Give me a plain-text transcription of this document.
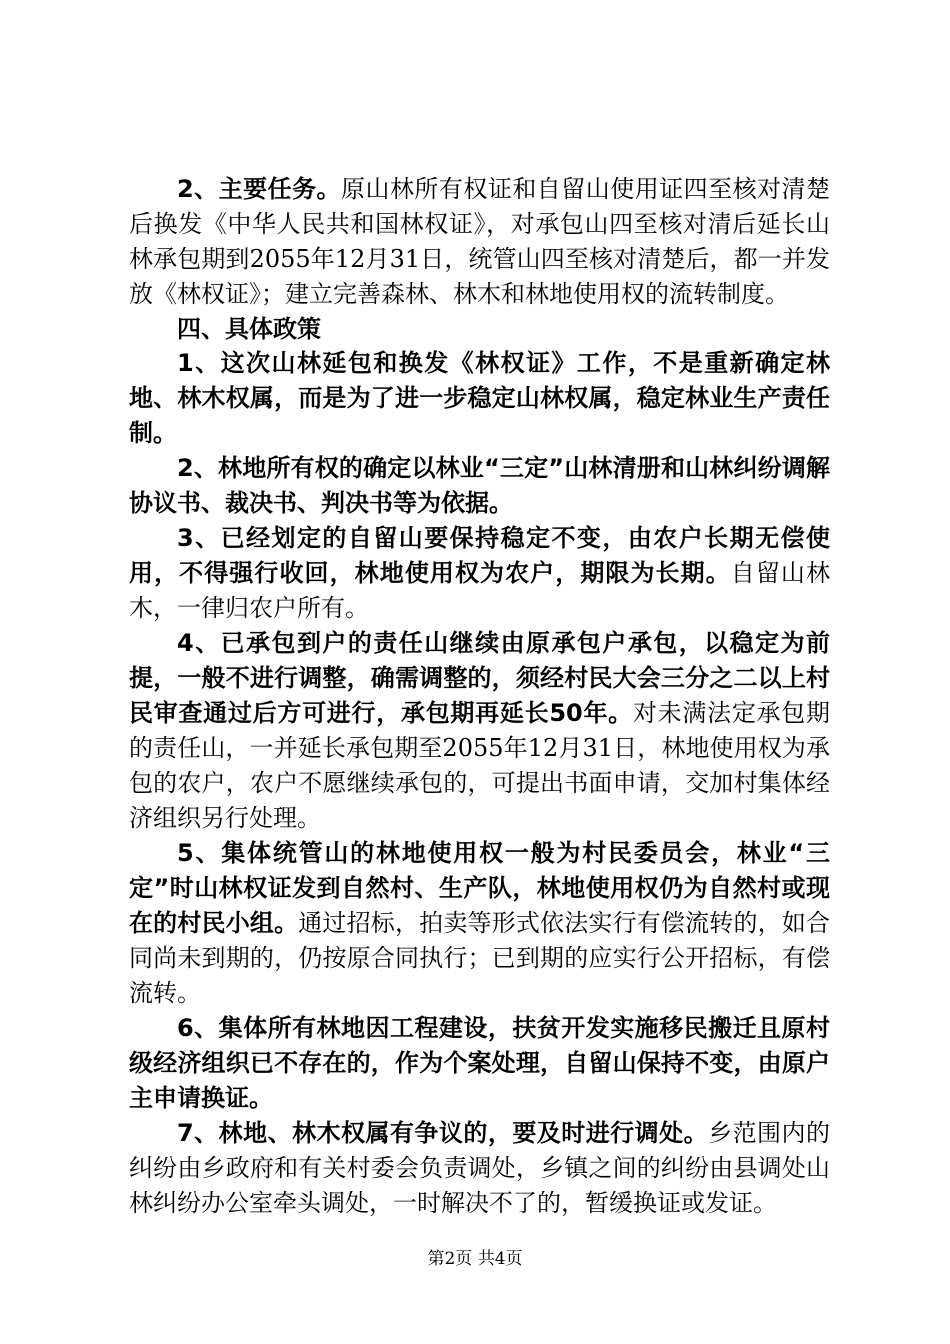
2、主要任务。原山林所有权证和自留山使用证四至核对清楚后换发《中华人民共和国林权证》，对承包山四至核对清后延长山林承包期到2055年12月31日，统管山四至核对清楚后，都一并发放《林权证》；建立完善森林、林木和林地使用权的流转制度。

四、具体政策

1、这次山林延包和换发《林权证》工作，不是重新确定林地、林木权属，而是为了进一步稳定山林权属，稳定林业生产责任制。

2、林地所有权的确定以林业“三定”山林清册和山林纠纷调解协议书、裁决书、判决书等为依据。

3、已经划定的自留山要保持稳定不变，由农户长期无偿使用，不得强行收回，林地使用权为农户，期限为长期。自留山林木，一律归农户所有。

4、已承包到户的责任山继续由原承包户承包，以稳定为前提，一般不进行调整，确需调整的，须经村民大会三分之二以上村民审查通过后方可进行，承包期再延长50年。对未满法定承包期的责任山，一并延长承包期至2055年12月31日，林地使用权为承包的农户，农户不愿继续承包的，可提出书面申请，交加村集体经济组织另行处理。

5、集体统管山的林地使用权一般为村民委员会，林业“三定”时山林权证发到自然村、生产队，林地使用权仍为自然村或现在的村民小组。通过招标，拍卖等形式依法实行有偿流转的，如合同尚未到期的，仍按原合同执行；已到期的应实行公开招标，有偿流转。

6、集体所有林地因工程建设，扶贫开发实施移民搬迁且原村级经济组织已不存在的，作为个案处理，自留山保持不变，由原户主申请换证。

7、林地、林木权属有争议的，要及时进行调处。乡范围内的纠纷由乡政府和有关村委会负责调处，乡镇之间的纠纷由县调处山林纠纷办公室牵头调处，一时解决不了的，暂缓换证或发证。

第2页 共4页
